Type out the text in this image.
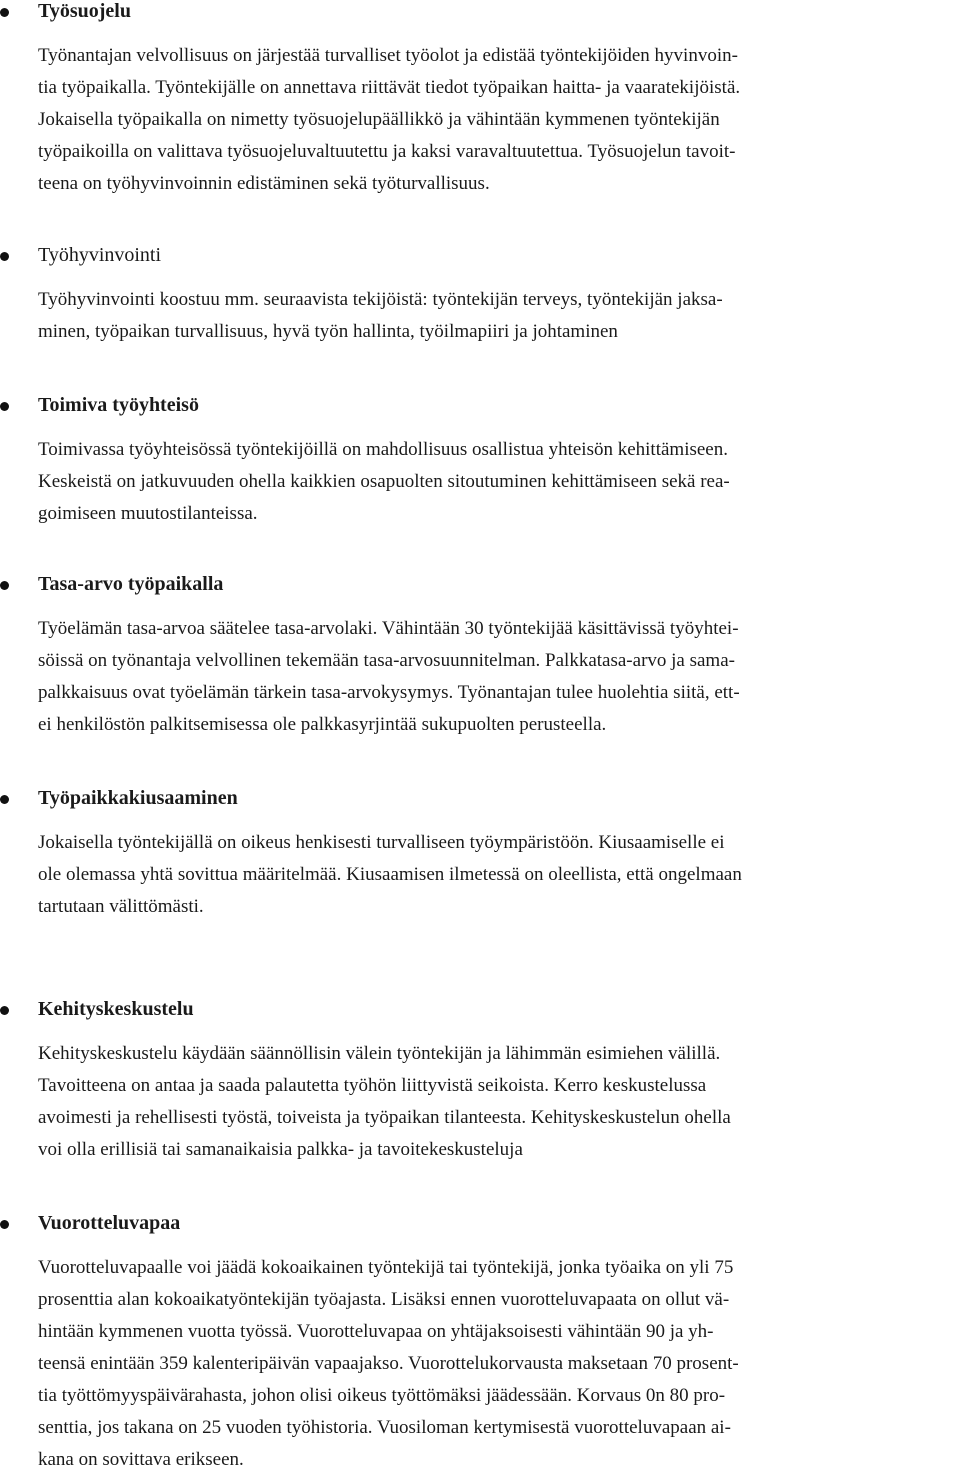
Työsuojelu

Työnantajan velvollisuus on järjestää turvalliset työolot ja edistää työntekijöiden hyvinvoin-
tia työpaikalla. Työntekijälle on annettava riittävät tiedot työpaikan haitta- ja vaaratekijöistä.
Jokaisella työpaikalla on nimetty työsuojelupäällikkö ja vähintään kymmenen työntekijän
työpaikoilla on valittava työsuojeluvaltuutettu ja kaksi varavaltuutettua. Työsuojelun tavoit-
teena on työhyvinvoinnin edistäminen sekä työturvallisuus.

Työhyvinvointi

Työhyvinvointi koostuu mm. seuraavista tekijöistä: työntekijän terveys, työntekijän jaksa-
minen, työpaikan turvallisuus, hyvä työn hallinta, työilmapiiri ja johtaminen

Toimiva työyhteisö

Toimivassa työyhteisössä työntekijöillä on mahdollisuus osallistua yhteisön kehittämiseen.
Keskeistä on jatkuvuuden ohella kaikkien osapuolten sitoutuminen kehittämiseen sekä rea-
goimiseen muutostilanteissa.

Tasa-arvo työpaikalla

Työelämän tasa-arvoa säätelee tasa-arvolaki. Vähintään 30 työntekijää käsittävissä työyhtei-
söissä on työnantaja velvollinen tekemään tasa-arvosuunnitelman. Palkkatasa-arvo ja sama-
palkkaisuus ovat työelämän tärkein tasa-arvokysymys. Työnantajan tulee huolehtia siitä, ett-
ei henkilöstön palkitsemisessa ole palkkasyrjintää sukupuolten perusteella.

Työpaikkakiusaaminen

Jokaisella työntekijällä on oikeus henkisesti turvalliseen työympäristöön. Kiusaamiselle ei
ole olemassa yhtä sovittua määritelmää. Kiusaamisen ilmetessä on oleellista, että ongelmaan
tartutaan välittömästi.

Kehityskeskustelu

Kehityskeskustelu käydään säännöllisin välein työntekijän ja lähimmän esimiehen välillä.
Tavoitteena on antaa ja saada palautetta työhön liittyvistä seikoista. Kerro keskustelussa
avoimesti ja rehellisesti työstä, toiveista ja työpaikan tilanteesta. Kehityskeskustelun ohella
voi olla erillisiä tai samanaikaisia palkka- ja tavoitekeskusteluja

Vuorotteluvapaa

Vuorotteluvapaalle voi jäädä kokoaikainen työntekijä tai työntekijä, jonka työaika on yli 75
prosenttia alan kokoaikatyöntekijän työajasta. Lisäksi ennen vuorotteluvapaata on ollut vä-
hintään kymmenen vuotta työssä. Vuorotteluvapaa on yhtäjaksoisesti vähintään 90 ja yh-
teensä enintään 359 kalenteripäivän vapaajakso. Vuorottelukorvausta maksetaan 70 prosent-
tia työttömyyspäivärahasta, johon olisi oikeus työttömäksi jäädessään. Korvaus 0n 80 pro-
senttia, jos takana on 25 vuoden työhistoria. Vuosiloman kertymisestä vuorotteluvapaan ai-
kana on sovittava erikseen.
